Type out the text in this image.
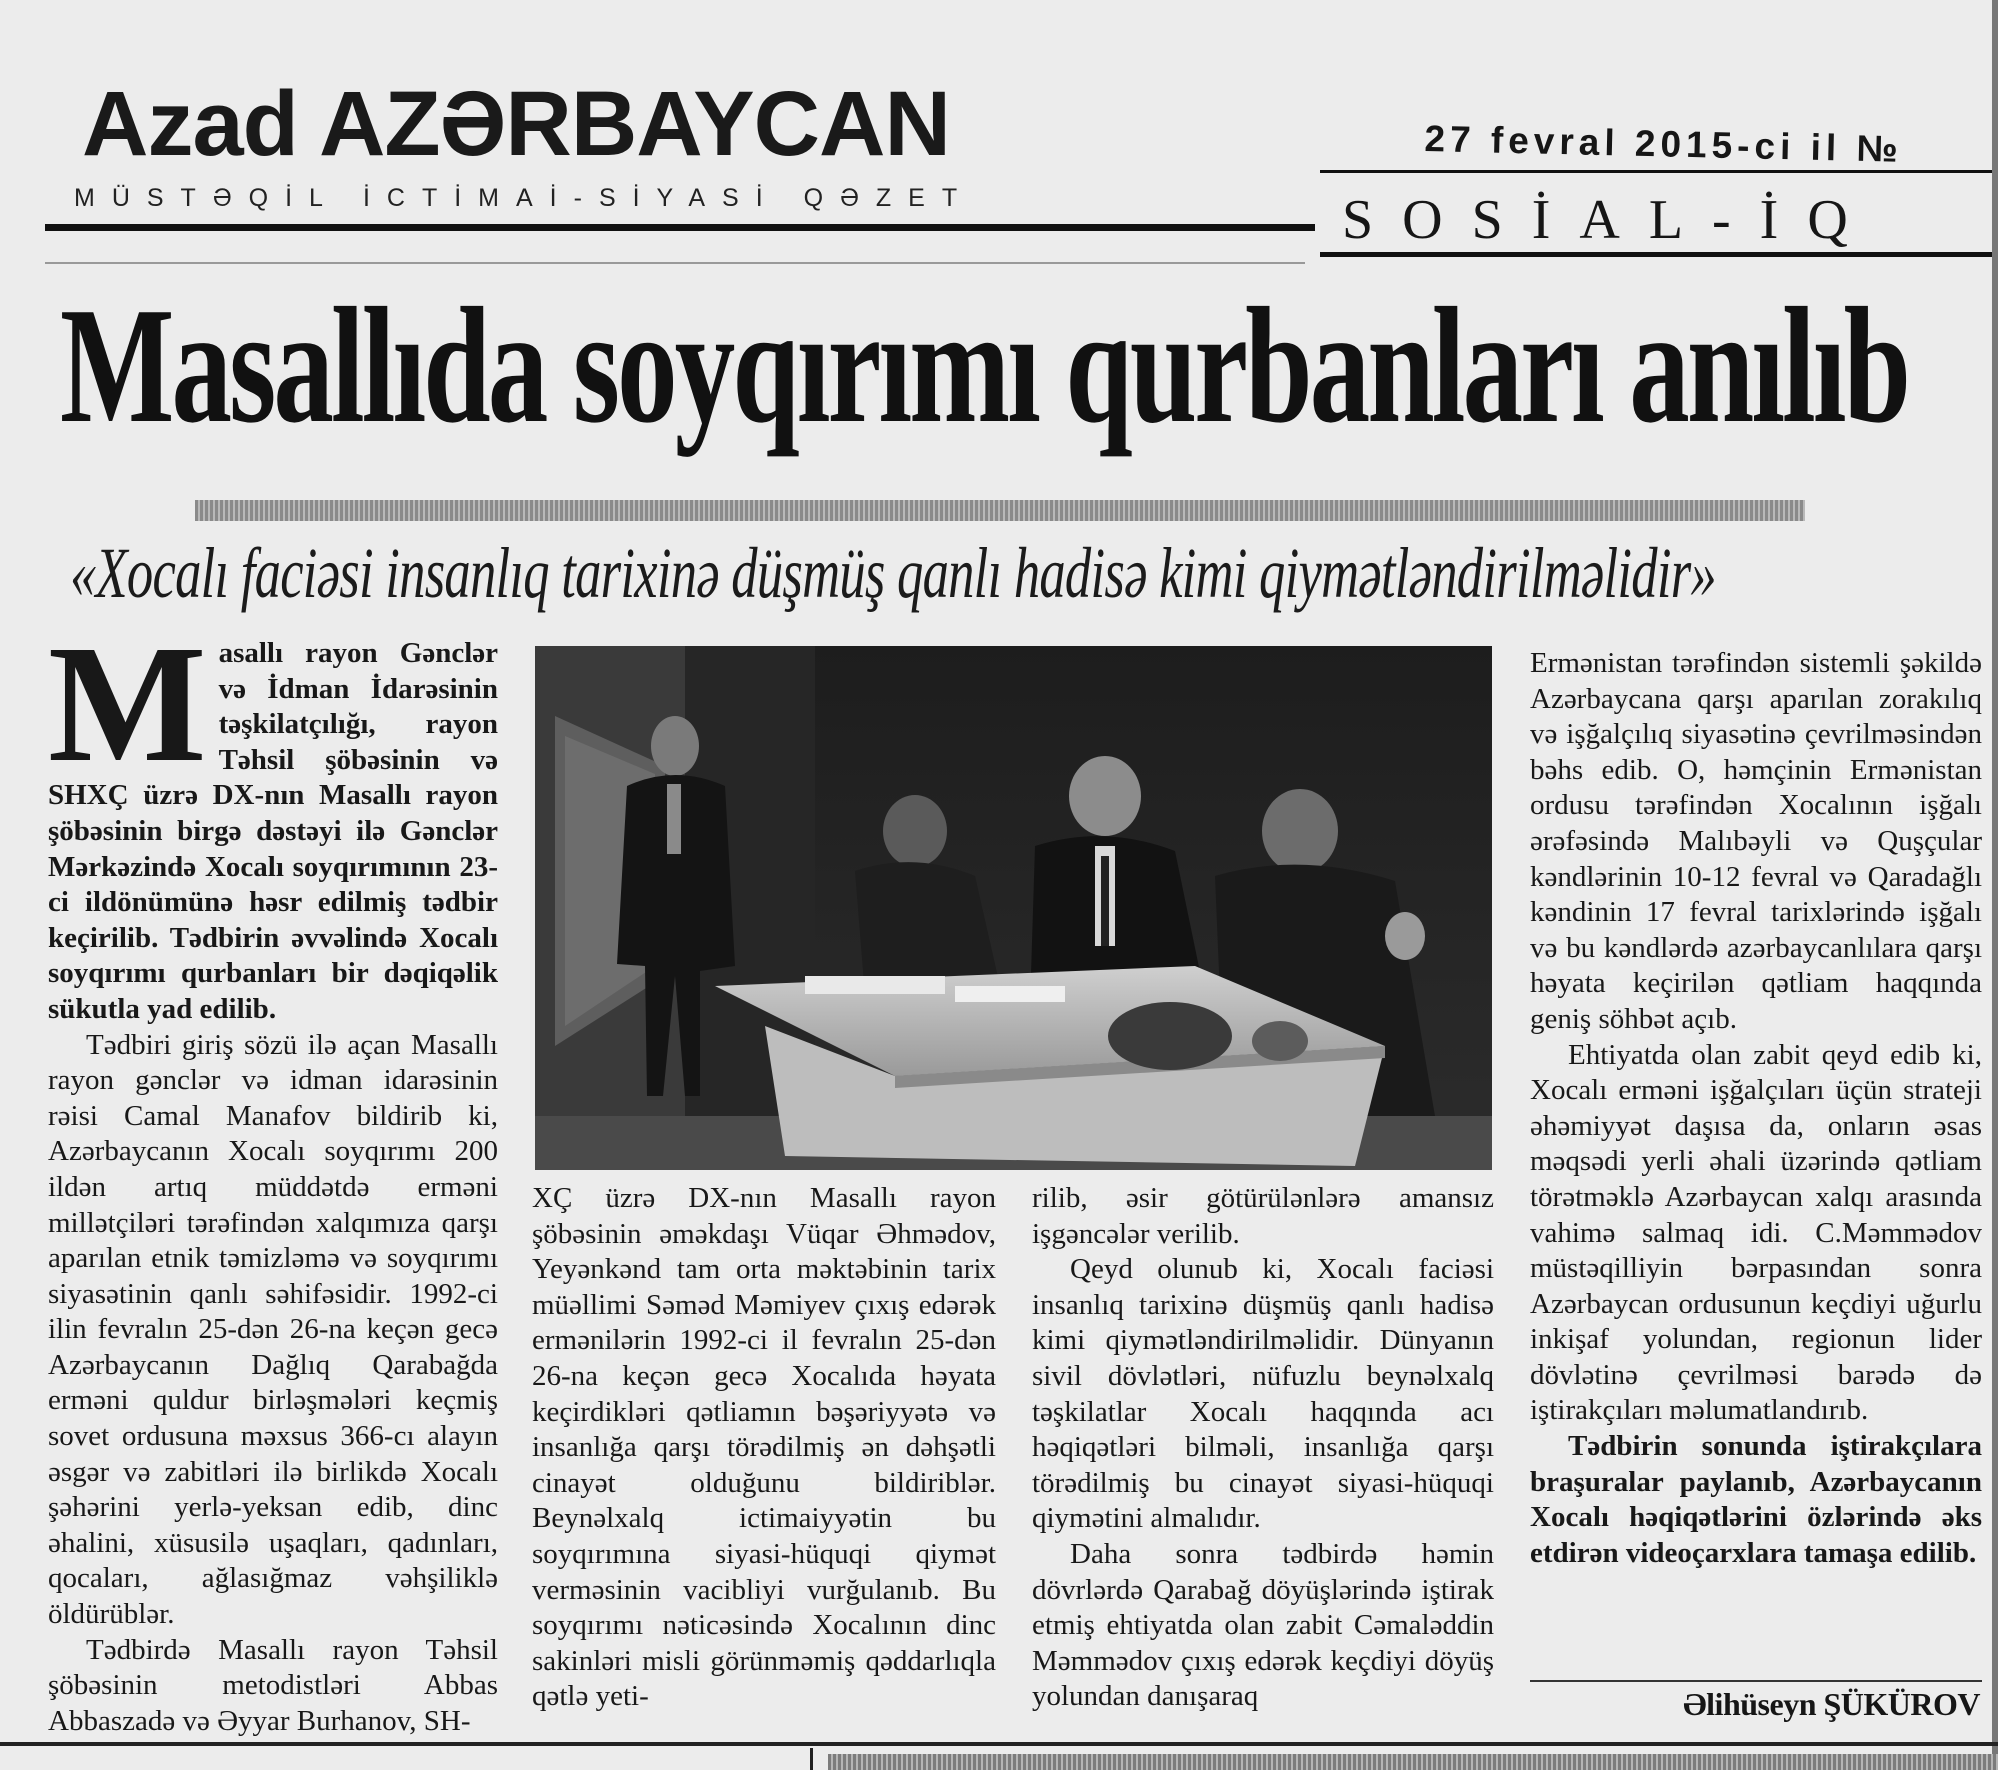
Azad AZƏRBAYCAN
MÜSTƏQİL İCTİMAİ-SİYASİ QƏZET
27 fevral 2015-ci il №
SOSİAL-İQ
Masallıda soyqırımı qurbanları anılıb
«Xocalı faciəsi insanlıq tarixinə düşmüş qanlı hadisə kimi qiymətləndirilməlidir»

Masallı rayon Gənclər və İdman İdarəsinin təşkilatçılığı, rayon Təhsil şöbəsinin və SHXÇ üzrə DX-nın Masallı rayon şöbəsinin birgə dəstəyi ilə Gənclər Mərkəzində Xocalı soyqırımının 23-ci ildönümünə həsr edilmiş tədbir keçirilib. Tədbirin əvvəlində Xocalı soyqırımı qurbanları bir dəqiqəlik sükutla yad edilib.

Tədbiri giriş sözü ilə açan Masallı rayon gənclər və idman idarəsinin rəisi Camal Manafov bildirib ki, Azərbaycanın Xocalı soyqırımı 200 ildən artıq müddətdə erməni millətçiləri tərəfindən xalqımıza qarşı aparılan etnik təmizləmə və soyqırımı siyasətinin qanlı səhifəsidir. 1992-ci ilin fevralın 25-dən 26-na keçən gecə Azərbaycanın Dağlıq Qarabağda erməni quldur birləşmələri keçmiş sovet ordusuna məxsus 366-cı alayın əsgər və zabitləri ilə birlikdə Xocalı şəhərini yerlə-yeksan edib, dinc əhalini, xüsusilə uşaqları, qadınları, qocaları, ağlasığmaz vəhşiliklə öldürüblər.

Tədbirdə Masallı rayon Təhsil şöbəsinin metodistləri Abbas Abbaszadə və Əyyar Burhanov, SH-

XÇ üzrə DX-nın Masallı rayon şöbəsinin əməkdaşı Vüqar Əhmədov, Yeyənkənd tam orta məktəbinin tarix müəllimi Səməd Məmiyev çıxış edərək ermənilərin 1992-ci il fevralın 25-dən 26-na keçən gecə Xocalıda həyata keçirdikləri qətliamın bəşəriyyətə və insanlığa qarşı törədilmiş ən dəhşətli cinayət olduğunu bildiriblər. Beynəlxalq ictimaiyyətin bu soyqırımına siyasi-hüquqi qiymət verməsinin vacibliyi vurğulanıb. Bu soyqırımı nəticəsində Xocalının dinc sakinləri misli görünməmiş qəddarlıqla qətlə yeti-

rilib, əsir götürülənlərə amansız işgəncələr verilib.

Qeyd olunub ki, Xocalı faciəsi insanlıq tarixinə düşmüş qanlı hadisə kimi qiymətləndirilməlidir. Dünyanın sivil dövlətləri, nüfuzlu beynəlxalq təşkilatlar Xocalı haqqında acı həqiqətləri bilməli, insanlığa qarşı törədilmiş bu cinayət siyasi-hüquqi qiymətini almalıdır.

Daha sonra tədbirdə həmin dövrlərdə Qarabağ döyüşlərində iştirak etmiş ehtiyatda olan zabit Cəmaləddin Məmmədov çıxış edərək keçdiyi döyüş yolundan danışaraq

Ermənistan tərəfindən sistemli şəkildə Azərbaycana qarşı aparılan zorakılıq və işğalçılıq siyasətinə çevrilməsindən bəhs edib. O, həmçinin Ermənistan ordusu tərəfindən Xocalının işğalı ərəfəsində Malıbəyli və Quşçular kəndlərinin 10-12 fevral və Qaradağlı kəndinin 17 fevral tarixlərində işğalı və bu kəndlərdə azərbaycanlılara qarşı həyata keçirilən qətliam haqqında geniş söhbət açıb.

Ehtiyatda olan zabit qeyd edib ki, Xocalı erməni işğalçıları üçün strateji əhəmiyyət daşısa da, onların əsas məqsədi yerli əhali üzərində qətliam törətməklə Azərbaycan xalqı arasında vahimə salmaq idi. C.Məmmədov müstəqilliyin bərpasından sonra Azərbaycan ordusunun keçdiyi uğurlu inkişaf yolundan, regionun lider dövlətinə çevrilməsi barədə də iştirakçıları məlumatlandırıb.

Tədbirin sonunda iştirakçılara braşuralar paylanıb, Azərbaycanın Xocalı həqiqətlərini özlərində əks etdirən videoçarxlara tamaşa edilib.

Əlihüseyn ŞÜKÜROV
